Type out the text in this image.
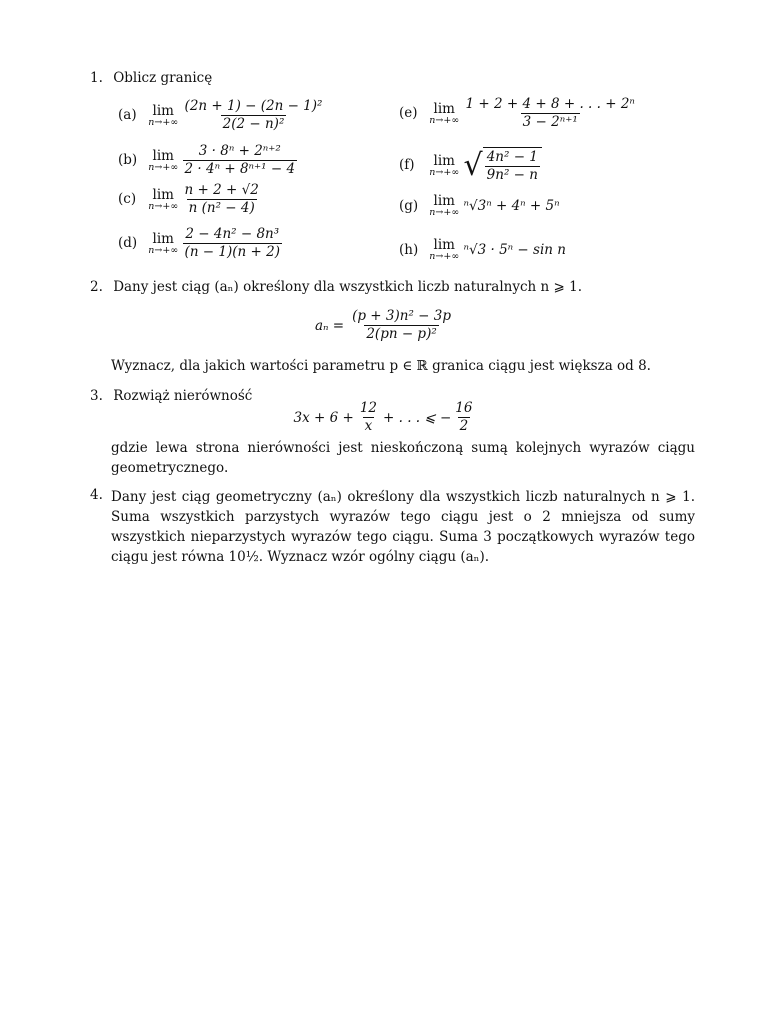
1. Oblicz granicę
(a) lim
n→+∞
$\frac{\text{(2n + 1) − (2n − 1)²}}{\text{2(2 − n)²}}$
(b) lim
n→+∞
$\frac{\text{3 · 8ⁿ + 2ⁿ⁺²}}{\text{2 · 4ⁿ + 8ⁿ⁺¹ − 4}}$
(c) lim
n→+∞
$\frac{n + 2 + √2}{\text{n (n² − 4)}}$
(d) lim
n→+∞
$\frac{\text{2 − 4n² − 8n³}}{(n - 1)(n + 2)}$
(e) lim
n→+∞
$\frac{\text{1 + 2 + 4 + 8 + . . . + 2ⁿ}}{\text{3 − 2ⁿ⁺¹}}$
(f) lim
n→+∞
√ $\frac{\text{4n² − 1}}{\text{9n² − n}}$
(g) lim
n→+∞ ⁿ√3ⁿ + 4ⁿ + 5ⁿ
(h) lim
n→+∞ ⁿ√3 · 5ⁿ − sin n
2. Dany jest ciąg (aₙ) określony dla wszystkich liczb naturalnych n ⩾ 1.
$a_n = \frac{\text{(p + 3)n² − 3p}}{\text{2(pn − p)²}}$
Wyznacz, dla jakich wartości parametru p ∈ ℝ granica ciągu jest większa od 8.
3. Rozwiąż nierówność
$3x + 6 + \frac{12}{x}$ + . . . ⩽ − $\frac{16}{2}$
gdzie lewa strona nierówności jest nieskończoną sumą kolejnych wyrazów ciągu geometrycznego.
4. Dany jest ciąg geometryczny (aₙ) określony dla wszystkich liczb naturalnych n ⩾ 1. Suma wszystkich parzystych wyrazów tego ciągu jest o 2 mniejsza od sumy wszystkich nieparzystych wyrazów tego ciągu. Suma 3 początkowych wyrazów tego ciągu jest równa 10½. Wyznacz wzór ogólny ciągu (aₙ).
